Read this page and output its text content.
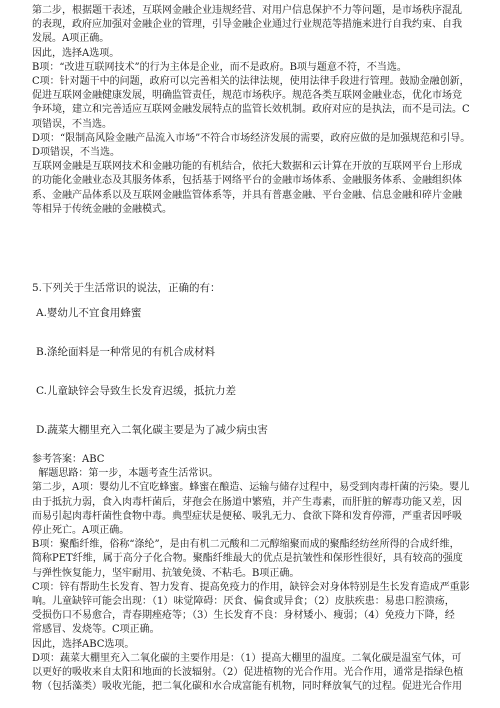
第二步，根据题干表述，互联网金融企业违规经营、对用户信息保护不力等问题，是市场秩序混乱
的表现，政府应加强对金融企业的管理，引导金融企业通过行业规范等措施来进行自我约束、自我
发展。A项正确。
因此，选择A选项。
B项：“改进互联网技术”的行为主体是企业，而不是政府。B项与题意不符，不当选。
C项：针对题干中的问题，政府可以完善相关的法律法规，使用法律手段进行管理。鼓励金融创新，
促进互联网金融健康发展，明确监管责任，规范市场秩序。规范各类互联网金融业态，优化市场竞
争环境，建立和完善适应互联网金融发展特点的监管长效机制。政府对应的是执法，而不是司法。C
项错误，不当选。
D项：“限制高风险金融产品流入市场”不符合市场经济发展的需要，政府应做的是加强规范和引导。
D项错误，不当选。
互联网金融是互联网技术和金融功能的有机结合，依托大数据和云计算在开放的互联网平台上形成
的功能化金融业态及其服务体系，包括基于网络平台的金融市场体系、金融服务体系、金融组织体
系、金融产品体系以及互联网金融监管体系等，并具有普惠金融、平台金融、信息金融和碎片金融
等相异于传统金融的金融模式。
5.下列关于生活常识的说法，正确的有：
A.婴幼儿不宜食用蜂蜜
B.涤纶面料是一种常见的有机合成材料
C.儿童缺锌会导致生长发育迟缓，抵抗力差
D.蔬菜大棚里充入二氧化碳主要是为了减少病虫害
参考答案：ABC
解题思路：第一步，本题考查生活常识。
第二步，A项：婴幼儿不宜吃蜂蜜。蜂蜜在酿造、运输与储存过程中，易受到肉毒杆菌的污染。婴儿
由于抵抗力弱，食入肉毒杆菌后，芽孢会在肠道中繁殖，并产生毒素，而肝脏的解毒功能又差，因
而易引起肉毒杆菌性食物中毒。典型症状是便秘、吸乳无力、食欲下降和发育停滞，严重者因呼吸
停止死亡。A项正确。
B项：聚酯纤维，俗称“涤纶”，是由有机二元酸和二元醇缩聚而成的聚酯经纺丝所得的合成纤维，
简称PET纤维，属于高分子化合物。聚酯纤维最大的优点是抗皱性和保形性很好，具有较高的强度
与弹性恢复能力，坚牢耐用、抗皱免烫、不粘毛。B项正确。
C项：锌有帮助生长发育、智力发育、提高免疫力的作用，缺锌会对身体特别是生长发育造成严重影
响。儿童缺锌可能会出现：（1）味觉障碍：厌食、偏食或异食；（2）皮肤疾患：易患口腔溃疡，
受损伤口不易愈合，青春期痤疮等；（3）生长发育不良：身材矮小、瘦弱；（4）免疫力下降，经
常感冒、发烧等。C项正确。
因此，选择ABC选项。
D项：蔬菜大棚里充入二氧化碳的主要作用是：（1）提高大棚里的温度。二氧化碳是温室气体，可
以更好的吸收来自太阳和地面的长波辐射。（2）促进植物的光合作用。光合作用，通常是指绿色植
物（包括藻类）吸收光能，把二氧化碳和水合成富能有机物，同时释放氧气的过程。促进光合作用
